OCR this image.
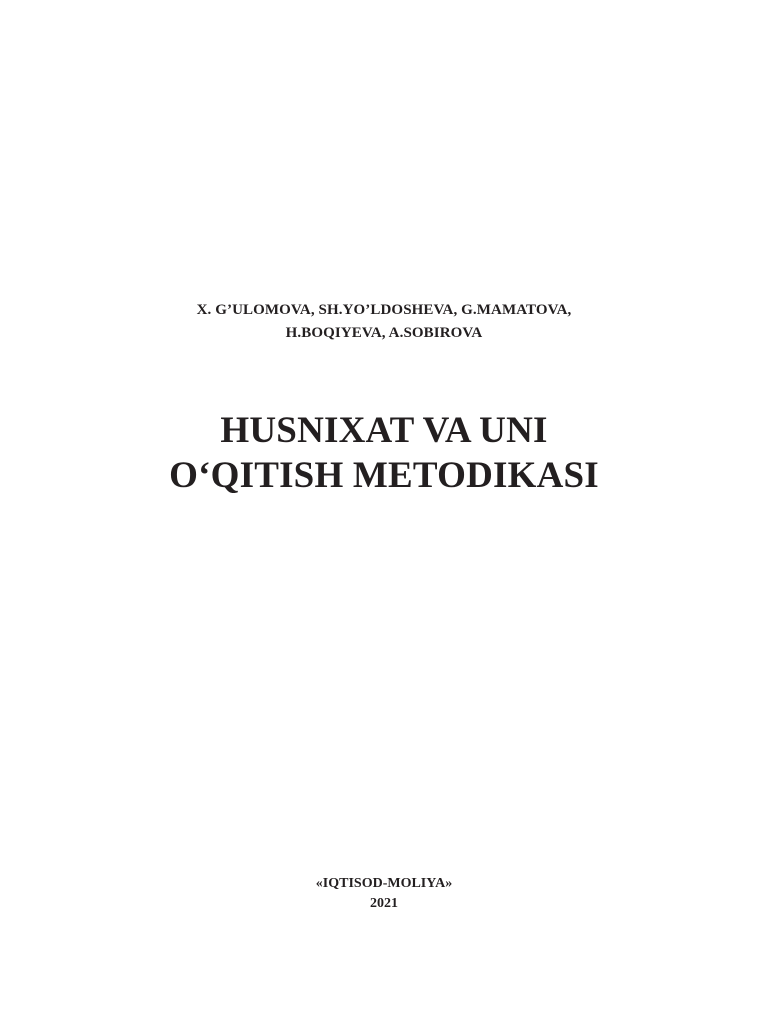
X. G’ULOMOVA, SH.YO’LDOSHEVA, G.MAMATOVA,
H.BOQIYEVA, A.SOBIROVA
HUSNIXAT VA UNI
O‘QITISH METODIKASI
«IQTISOD-MOLIYA»
2021
